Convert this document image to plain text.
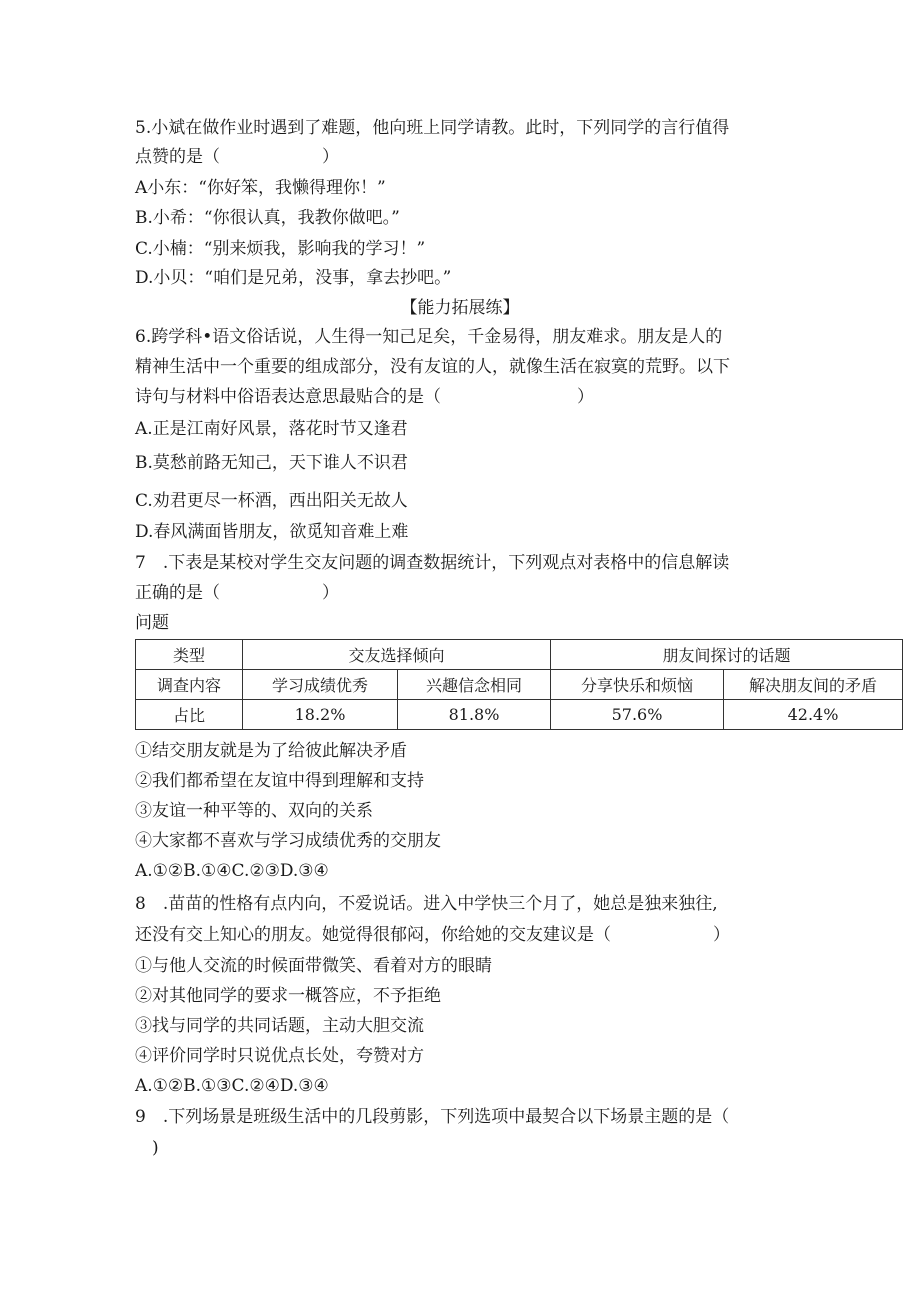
5.小斌在做作业时遇到了难题，他向班上同学请教。此时，下列同学的言行值得
点赞的是（　　　　　　）
A小东：“你好笨，我懒得理你！”
B.小希：“你很认真，我教你做吧。”
C.小楠：“别来烦我，影响我的学习！”
D.小贝：“咱们是兄弟，没事，拿去抄吧。”
【能力拓展练】
6.跨学科•语文俗话说，人生得一知己足矣，千金易得，朋友难求。朋友是人的
精神生活中一个重要的组成部分，没有友谊的人，就像生活在寂寞的荒野。以下
诗句与材料中俗语表达意思最贴合的是（　　　　　　　　）
A.正是江南好风景，落花时节又逢君
B.莫愁前路无知己，天下谁人不识君
C.劝君更尽一杯酒，西出阳关无故人
D.春风满面皆朋友，欲觅知音难上难
7　.下表是某校对学生交友问题的调查数据统计，下列观点对表格中的信息解读
正确的是（　　　　　　）
问题
类型	交友选择倾向		朋友间探讨的话题	
调查内容	学习成绩优秀	兴趣信念相同	分享快乐和烦恼	解决朋友间的矛盾
占比	18.2%	81.8%	57.6%	42.4%
①结交朋友就是为了给彼此解决矛盾
②我们都希望在友谊中得到理解和支持
③友谊一种平等的、双向的关系
④大家都不喜欢与学习成绩优秀的交朋友
A.①②B.①④C.②③D.③④
8　.苗苗的性格有点内向，不爱说话。进入中学快三个月了，她总是独来独往,
还没有交上知心的朋友。她觉得很郁闷，你给她的交友建议是（　　　　　　）
①与他人交流的时候面带微笑、看着对方的眼睛
②对其他同学的要求一概答应，不予拒绝
③找与同学的共同话题，主动大胆交流
④评价同学时只说优点长处，夸赞对方
A.①②B.①③C.②④D.③④
9　.下列场景是班级生活中的几段剪影，下列选项中最契合以下场景主题的是（
　)
